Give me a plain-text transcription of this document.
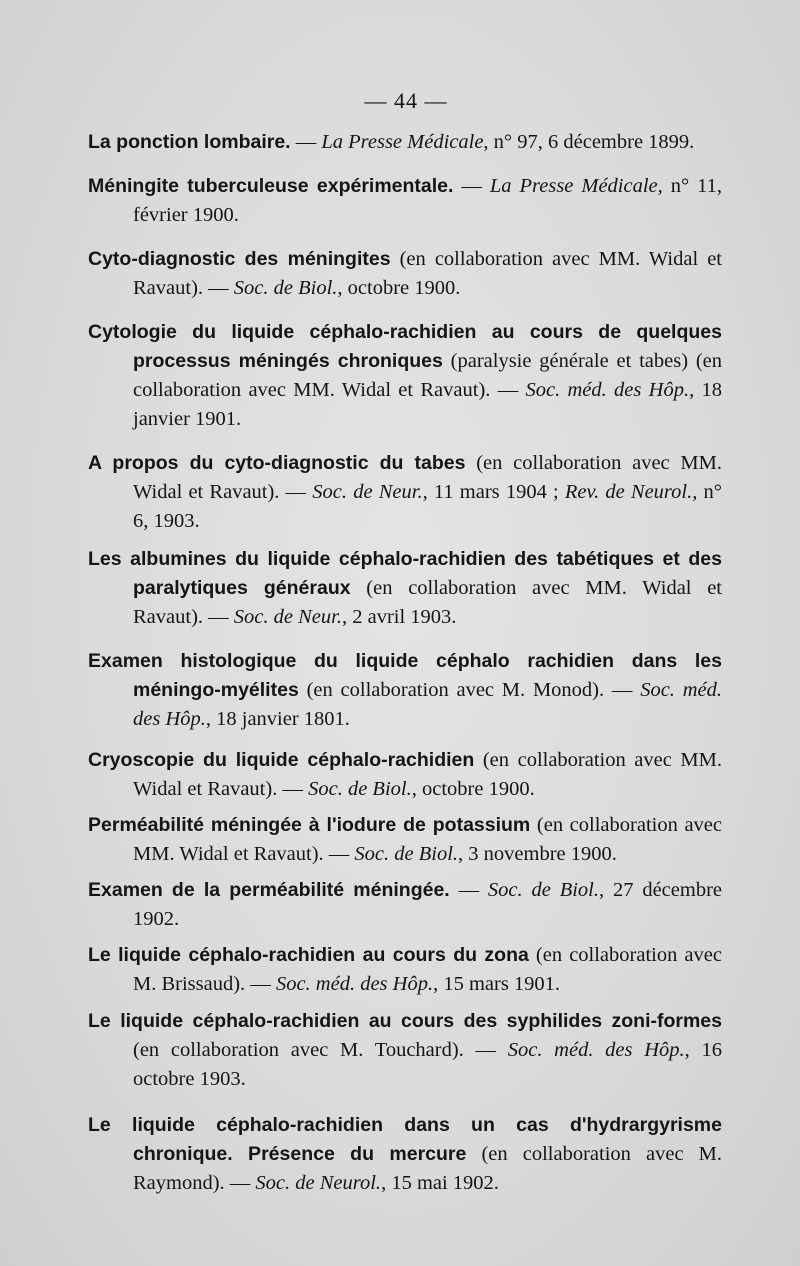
— 44 —

La ponction lombaire. — La Presse Médicale, n° 97, 6 décembre 1899.

Méningite tuberculeuse expérimentale. — La Presse Médicale, n° 11, février 1900.

Cyto-diagnostic des méningites (en collaboration avec MM. Widal et Ravaut). — Soc. de Biol., octobre 1900.

Cytologie du liquide céphalo-rachidien au cours de quelques processus méningés chroniques (paralysie générale et tabes) (en collaboration avec MM. Widal et Ravaut). — Soc. méd. des Hôp., 18 janvier 1901.

A propos du cyto-diagnostic du tabes (en collaboration avec MM. Widal et Ravaut). — Soc. de Neur., 11 mars 1904 ; Rev. de Neurol., n° 6, 1903.

Les albumines du liquide céphalo-rachidien des tabétiques et des paralytiques généraux (en collaboration avec MM. Widal et Ravaut). — Soc. de Neur., 2 avril 1903.

Examen histologique du liquide céphalo rachidien dans les méningo-myélites (en collaboration avec M. Monod). — Soc. méd. des Hôp., 18 janvier 1801.

Cryoscopie du liquide céphalo-rachidien (en collaboration avec MM. Widal et Ravaut). — Soc. de Biol., octobre 1900.

Perméabilité méningée à l'iodure de potassium (en collaboration avec MM. Widal et Ravaut). — Soc. de Biol., 3 novembre 1900.

Examen de la perméabilité méningée. — Soc. de Biol., 27 décembre 1902.

Le liquide céphalo-rachidien au cours du zona (en collaboration avec M. Brissaud). — Soc. méd. des Hôp., 15 mars 1901.

Le liquide céphalo-rachidien au cours des syphilides zoni-formes (en collaboration avec M. Touchard). — Soc. méd. des Hôp., 16 octobre 1903.

Le liquide céphalo-rachidien dans un cas d'hydrargyrisme chronique. Présence du mercure (en collaboration avec M. Raymond). — Soc. de Neurol., 15 mai 1902.
